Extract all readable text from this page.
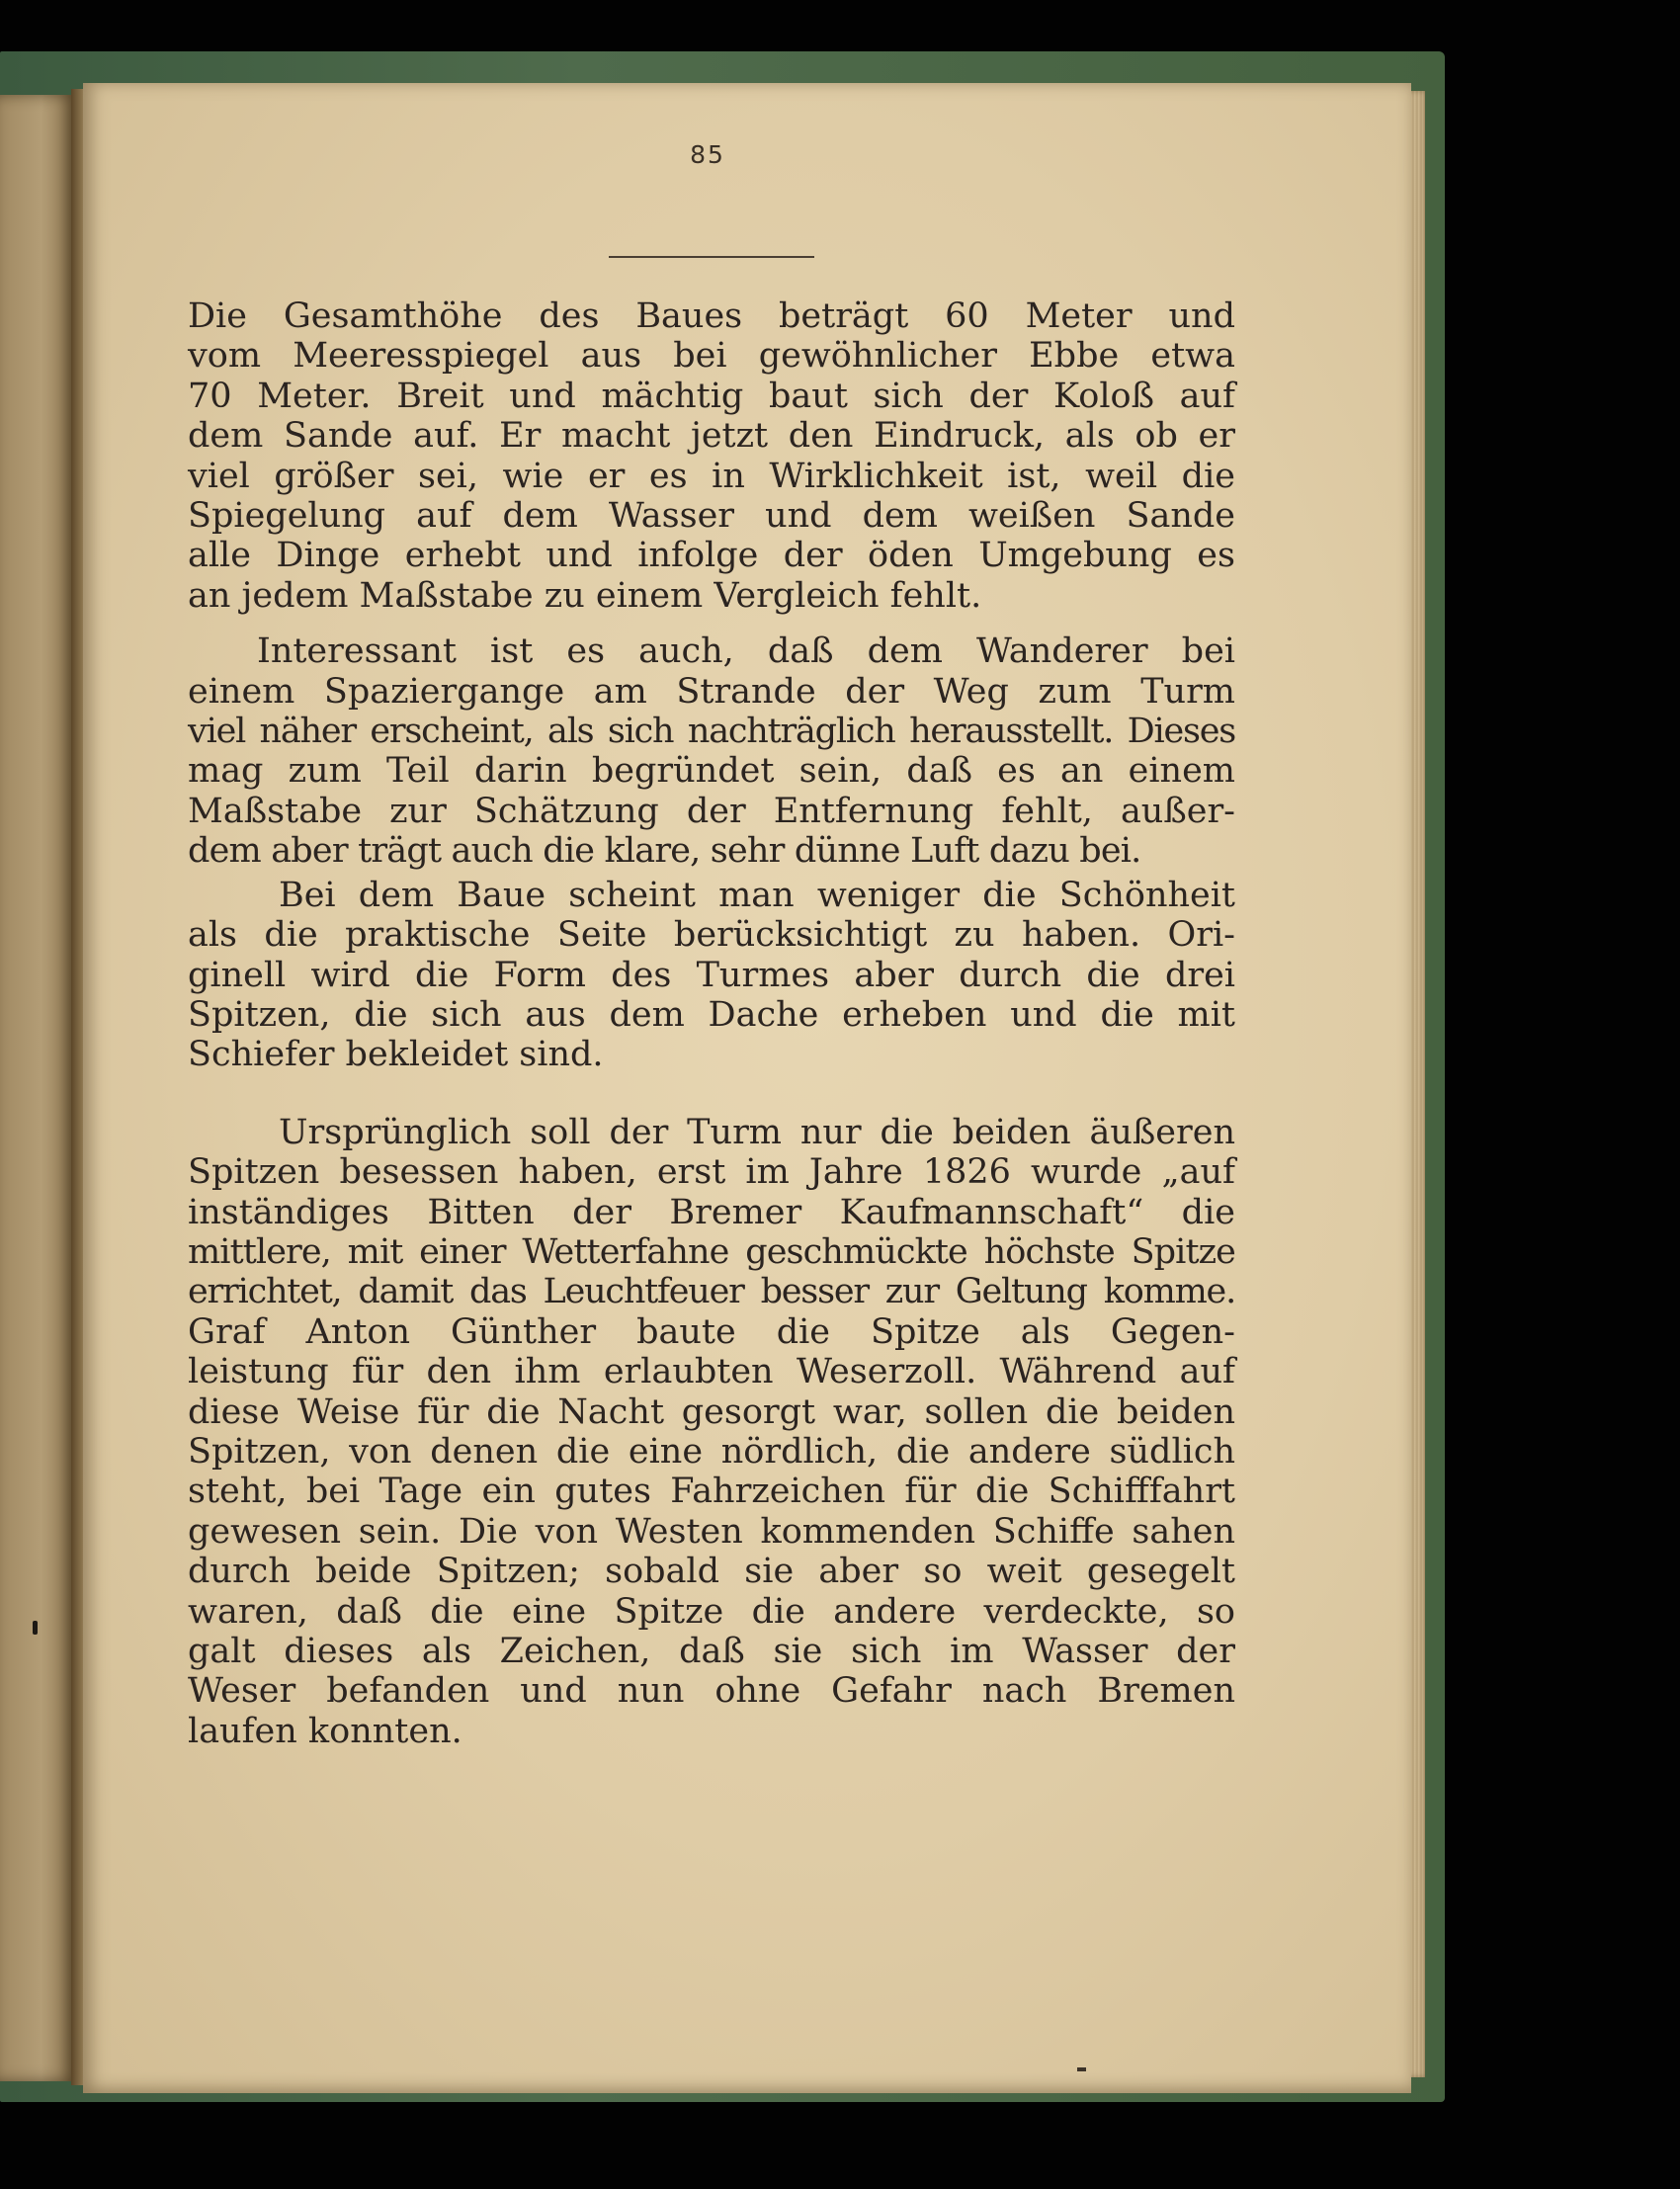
85
Die Gesamthöhe des Baues beträgt 60 Meter und
vom Meeresspiegel aus bei gewöhnlicher Ebbe etwa
70 Meter. Breit und mächtig baut sich der Koloß auf
dem Sande auf. Er macht jetzt den Eindruck, als ob er
viel größer sei, wie er es in Wirklichkeit ist, weil die
Spiegelung auf dem Wasser und dem weißen Sande
alle Dinge erhebt und infolge der öden Umgebung es
an jedem Maßstabe zu einem Vergleich fehlt.
Interessant ist es auch, daß dem Wanderer bei
einem Spaziergange am Strande der Weg zum Turm
viel näher erscheint, als sich nachträglich herausstellt. Dieses
mag zum Teil darin begründet sein, daß es an einem
Maßstabe zur Schätzung der Entfernung fehlt, außer-
dem aber trägt auch die klare, sehr dünne Luft dazu bei.
Bei dem Baue scheint man weniger die Schönheit
als die praktische Seite berücksichtigt zu haben. Ori-
ginell wird die Form des Turmes aber durch die drei
Spitzen, die sich aus dem Dache erheben und die mit
Schiefer bekleidet sind.
Ursprünglich soll der Turm nur die beiden äußeren
Spitzen besessen haben, erst im Jahre 1826 wurde „auf
inständiges Bitten der Bremer Kaufmannschaft“ die
mittlere, mit einer Wetterfahne geschmückte höchste Spitze
errichtet, damit das Leuchtfeuer besser zur Geltung komme.
Graf Anton Günther baute die Spitze als Gegen-
leistung für den ihm erlaubten Weserzoll. Während auf
diese Weise für die Nacht gesorgt war, sollen die beiden
Spitzen, von denen die eine nördlich, die andere südlich
steht, bei Tage ein gutes Fahrzeichen für die Schifffahrt
gewesen sein. Die von Westen kommenden Schiffe sahen
durch beide Spitzen; sobald sie aber so weit gesegelt
waren, daß die eine Spitze die andere verdeckte, so
galt dieses als Zeichen, daß sie sich im Wasser der
Weser befanden und nun ohne Gefahr nach Bremen
laufen konnten.
